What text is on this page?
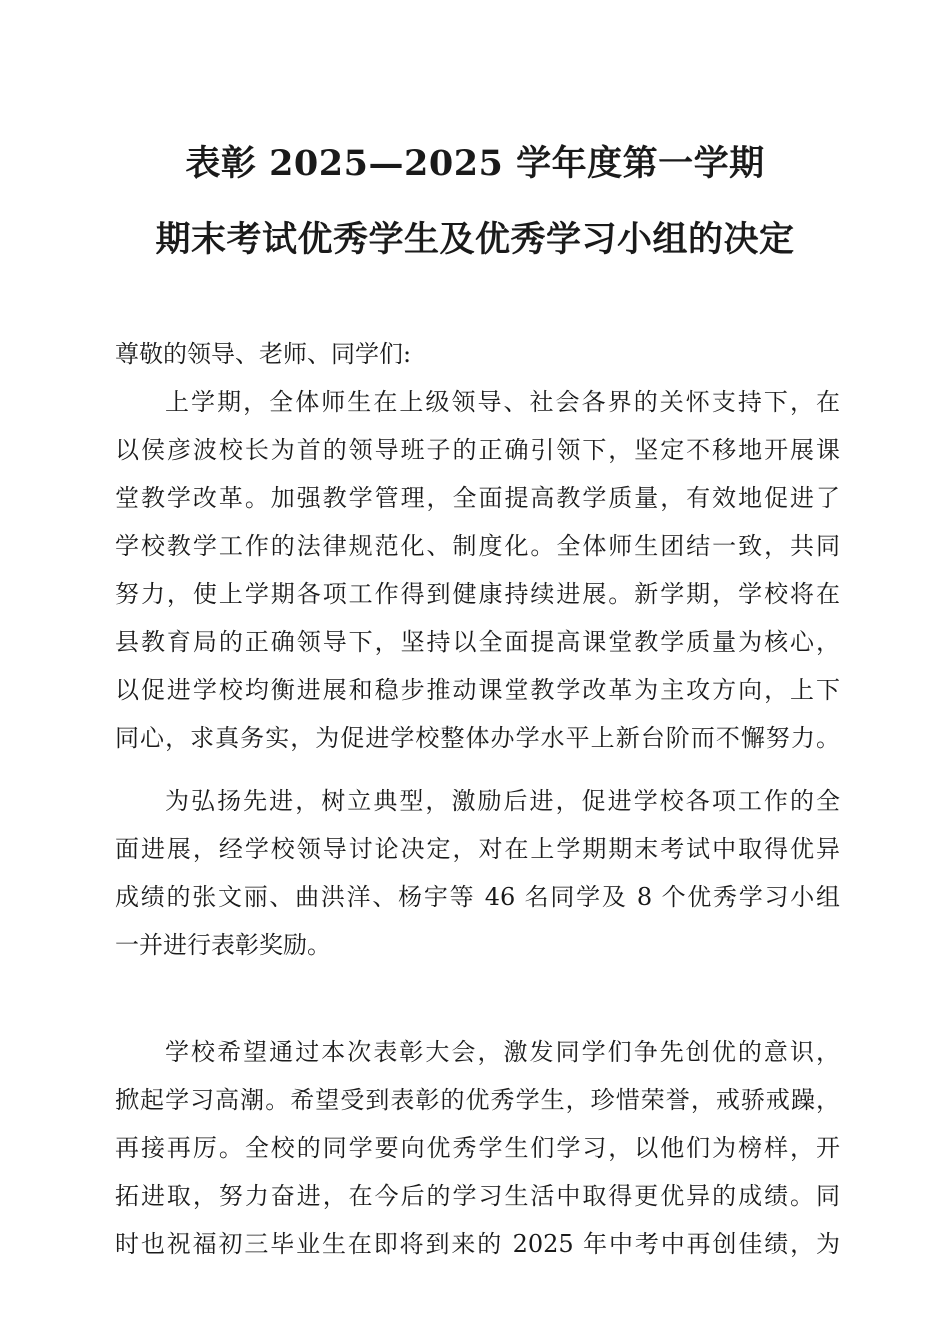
表彰 2025—2025 学年度第一学期
期末考试优秀学生及优秀学习小组的决定
尊敬的领导、老师、同学们:
上学期，全体师生在上级领导、社会各界的关怀支持下，在
以侯彦波校长为首的领导班子的正确引领下，坚定不移地开展课
堂教学改革。加强教学管理，全面提高教学质量，有效地促进了
学校教学工作的法律规范化、制度化。全体师生团结一致，共同
努力，使上学期各项工作得到健康持续进展。新学期，学校将在
县教育局的正确领导下，坚持以全面提高课堂教学质量为核心，
以促进学校均衡进展和稳步推动课堂教学改革为主攻方向，上下
同心，求真务实，为促进学校整体办学水平上新台阶而不懈努力。
为弘扬先进，树立典型，激励后进，促进学校各项工作的全
面进展，经学校领导讨论决定，对在上学期期末考试中取得优异
成绩的张文丽、曲洪洋、杨宇等 46 名同学及 8 个优秀学习小组
一并进行表彰奖励。
学校希望通过本次表彰大会，激发同学们争先创优的意识，
掀起学习高潮。希望受到表彰的优秀学生，珍惜荣誉，戒骄戒躁，
再接再厉。全校的同学要向优秀学生们学习，以他们为榜样，开
拓进取，努力奋进，在今后的学习生活中取得更优异的成绩。同
时也祝福初三毕业生在即将到来的 2025 年中考中再创佳绩，为
